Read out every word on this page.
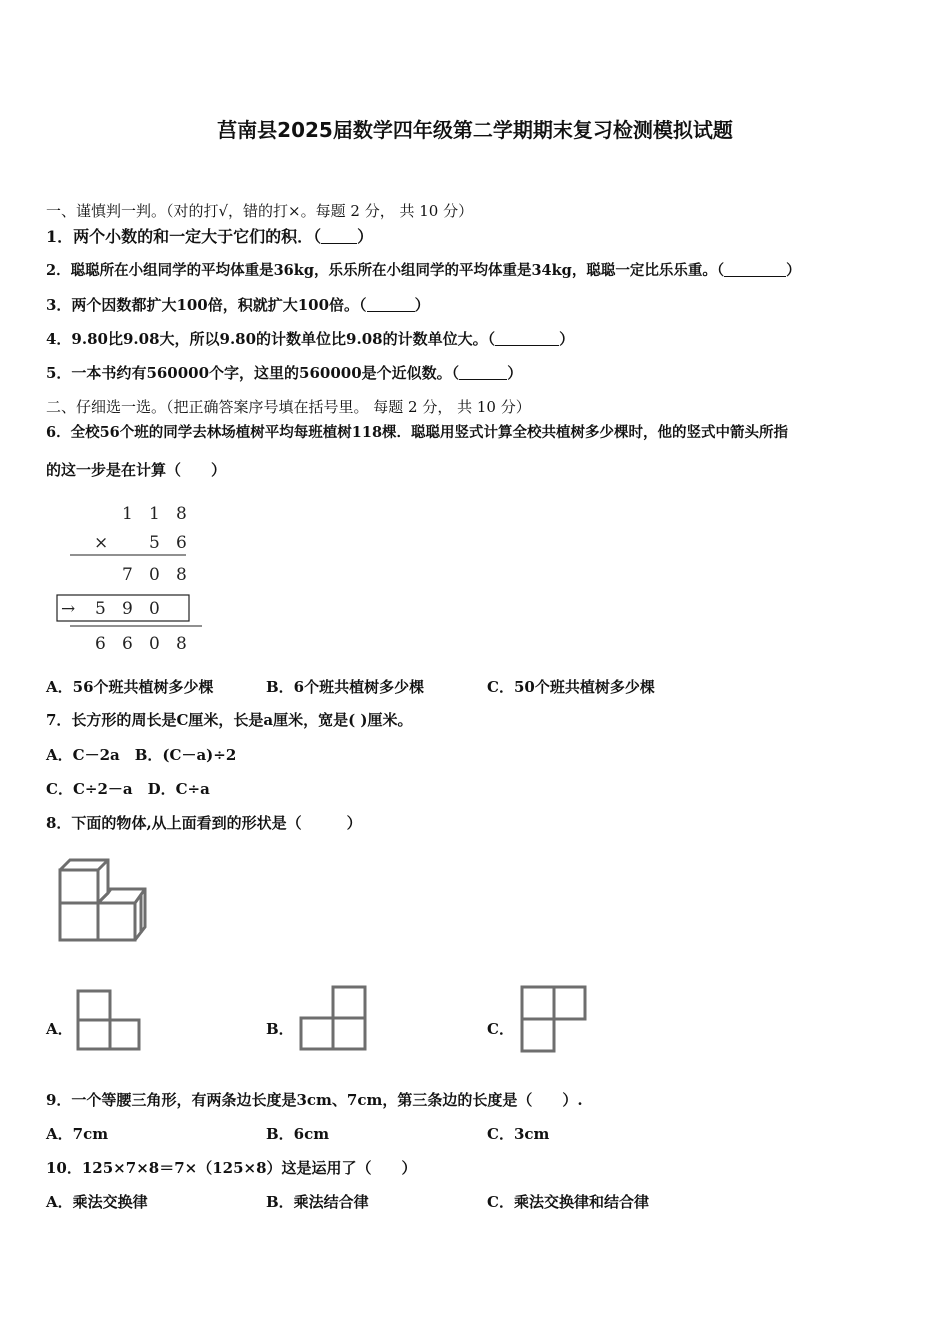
莒南县2025届数学四年级第二学期期末复习检测模拟试题
一、谨慎判一判。（对的打√，错的打×。每题 2 分， 共 10 分）
1．两个小数的和一定大于它们的积．（ ）
2．聪聪所在小组同学的平均体重是36kg，乐乐所在小组同学的平均体重是34kg，聪聪一定比乐乐重。（	）
3．两个因数都扩大100倍，积就扩大100倍。（	）
4．9.80比9.08大，所以9.80的计数单位比9.08的计数单位大。（	）
5．一本书约有560000个字，这里的560000是个近似数。（	）
二、仔细选一选。（把正确答案序号填在括号里。 每题 2 分， 共 10 分）
6．全校56个班的同学去林场植树平均每班植树118棵．聪聪用竖式计算全校共植树多少棵时，他的竖式中箭头所指
的这一步是在计算（　　）
1 1 8
× 5 6
7 0 8
→ 5 9 0
6 6 0 8
A．56个班共植树多少棵	B．6个班共植树多少棵	C．50个班共植树多少棵
7．长方形的周长是C厘米，长是a厘米，宽是( )厘米。
A．C－2a　B．(C－a)÷2
C．C÷2－a　D．C÷a
8．下面的物体,从上面看到的形状是（　　　）
A．	B．	C．
9．一个等腰三角形，有两条边长度是3cm、7cm，第三条边的长度是（　　）.
A．7cm	B．6cm	C．3cm
10．125×7×8＝7×（125×8）这是运用了（　　）
A．乘法交换律	B．乘法结合律	C．乘法交换律和结合律
